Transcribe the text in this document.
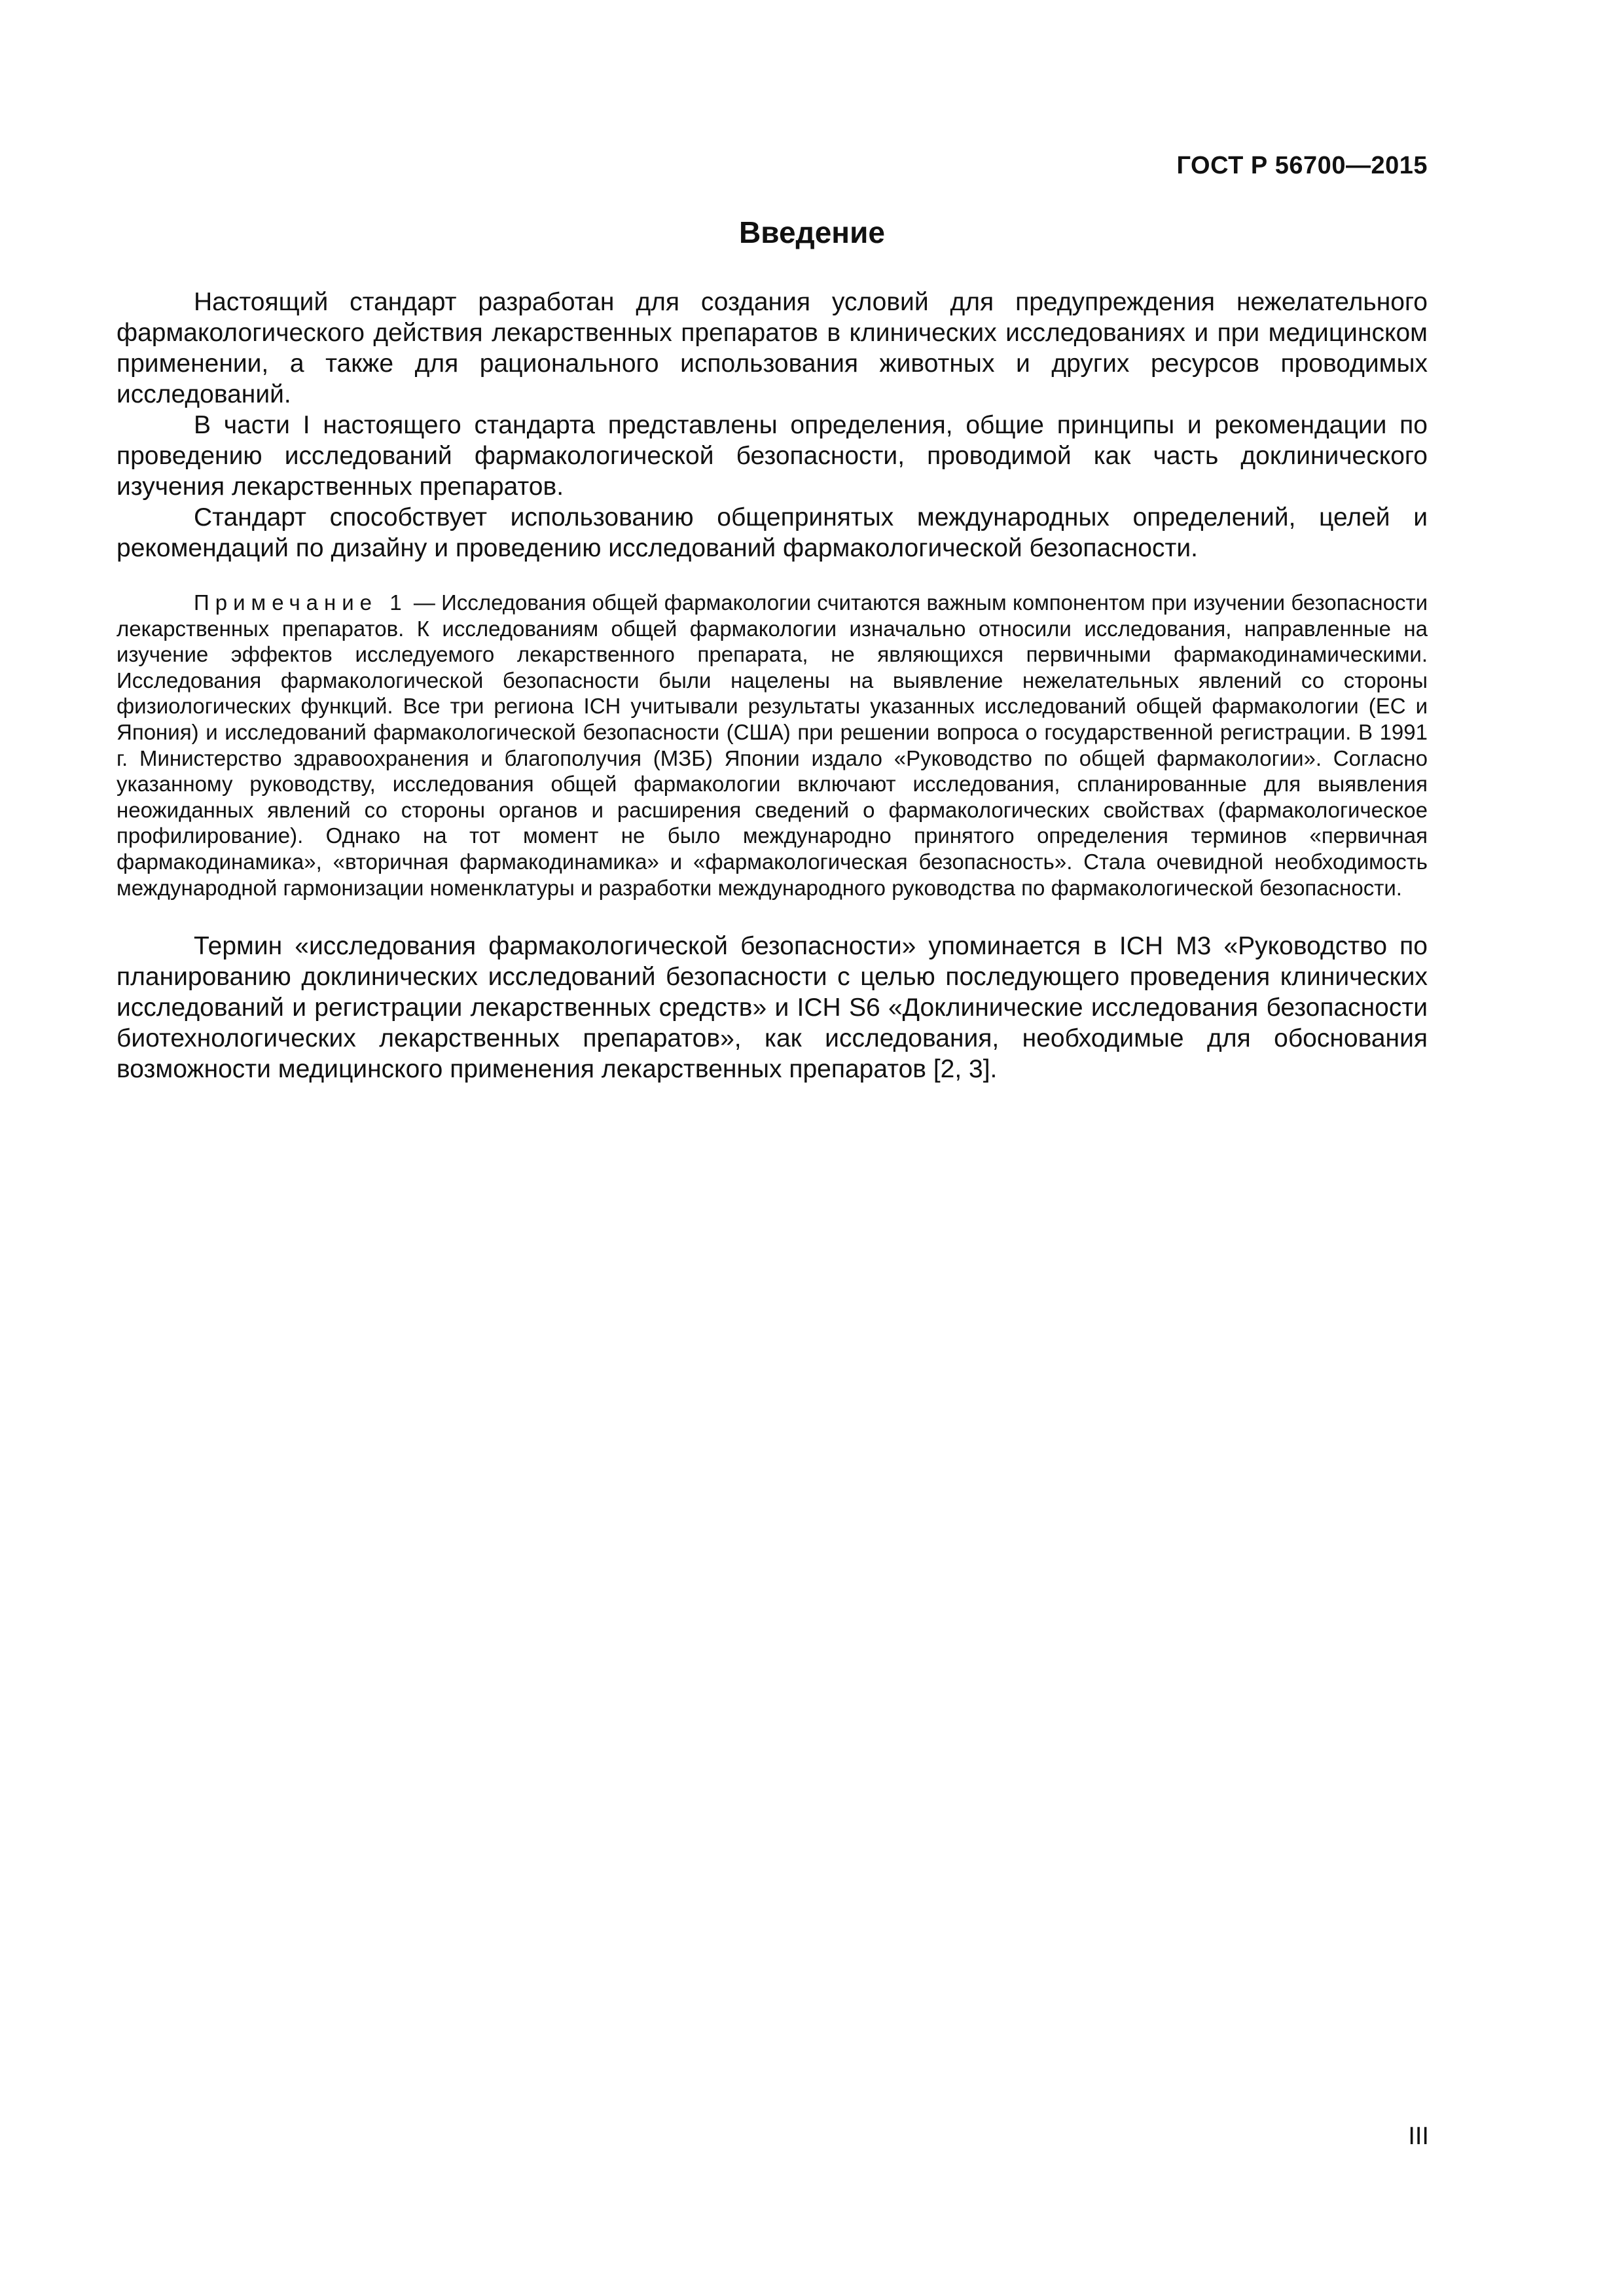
ГОСТ Р 56700—2015
Введение

Настоящий стандарт разработан для создания условий для предупреждения нежелательного фармакологического действия лекарственных препаратов в клинических исследованиях и при медицинском применении, а также для рационального использования животных и других ресурсов проводимых исследований.

В части I настоящего стандарта представлены определения, общие принципы и рекомендации по проведению исследований фармакологической безопасности, проводимой как часть доклинического изучения лекарственных препаратов.

Стандарт способствует использованию общепринятых международных определений, целей и рекомендаций по дизайну и проведению исследований фармакологической безопасности.

Примечание 1 — Исследования общей фармакологии считаются важным компонентом при изучении безопасности лекарственных препаратов. К исследованиям общей фармакологии изначально относили исследования, направленные на изучение эффектов исследуемого лекарственного препарата, не являющихся первичными фармакодинамическими. Исследования фармакологической безопасности были нацелены на выявление нежелательных явлений со стороны физиологических функций. Все три региона ICH учитывали результаты указанных исследований общей фармакологии (ЕС и Япония) и исследований фармакологической безопасности (США) при решении вопроса о государственной регистрации. В 1991 г. Министерство здравоохранения и благополучия (МЗБ) Японии издало «Руководство по общей фармакологии». Согласно указанному руководству, исследования общей фармакологии включают исследования, спланированные для выявления неожиданных явлений со стороны органов и расширения сведений о фармакологических свойствах (фармакологическое профилирование). Однако на тот момент не было международно принятого определения терминов «первичная фармакодинамика», «вторичная фармакодинамика» и «фармакологическая безопасность». Стала очевидной необходимость международной гармонизации номенклатуры и разработки международного руководства по фармакологической безопасности.

Термин «исследования фармакологической безопасности» упоминается в ICH M3 «Руководство по планированию доклинических исследований безопасности с целью последующего проведения клинических исследований и регистрации лекарственных средств» и ICH S6 «Доклинические исследования безопасности биотехнологических лекарственных препаратов», как исследования, необходимые для обоснования возможности медицинского применения лекарственных препаратов [2, 3].

III
